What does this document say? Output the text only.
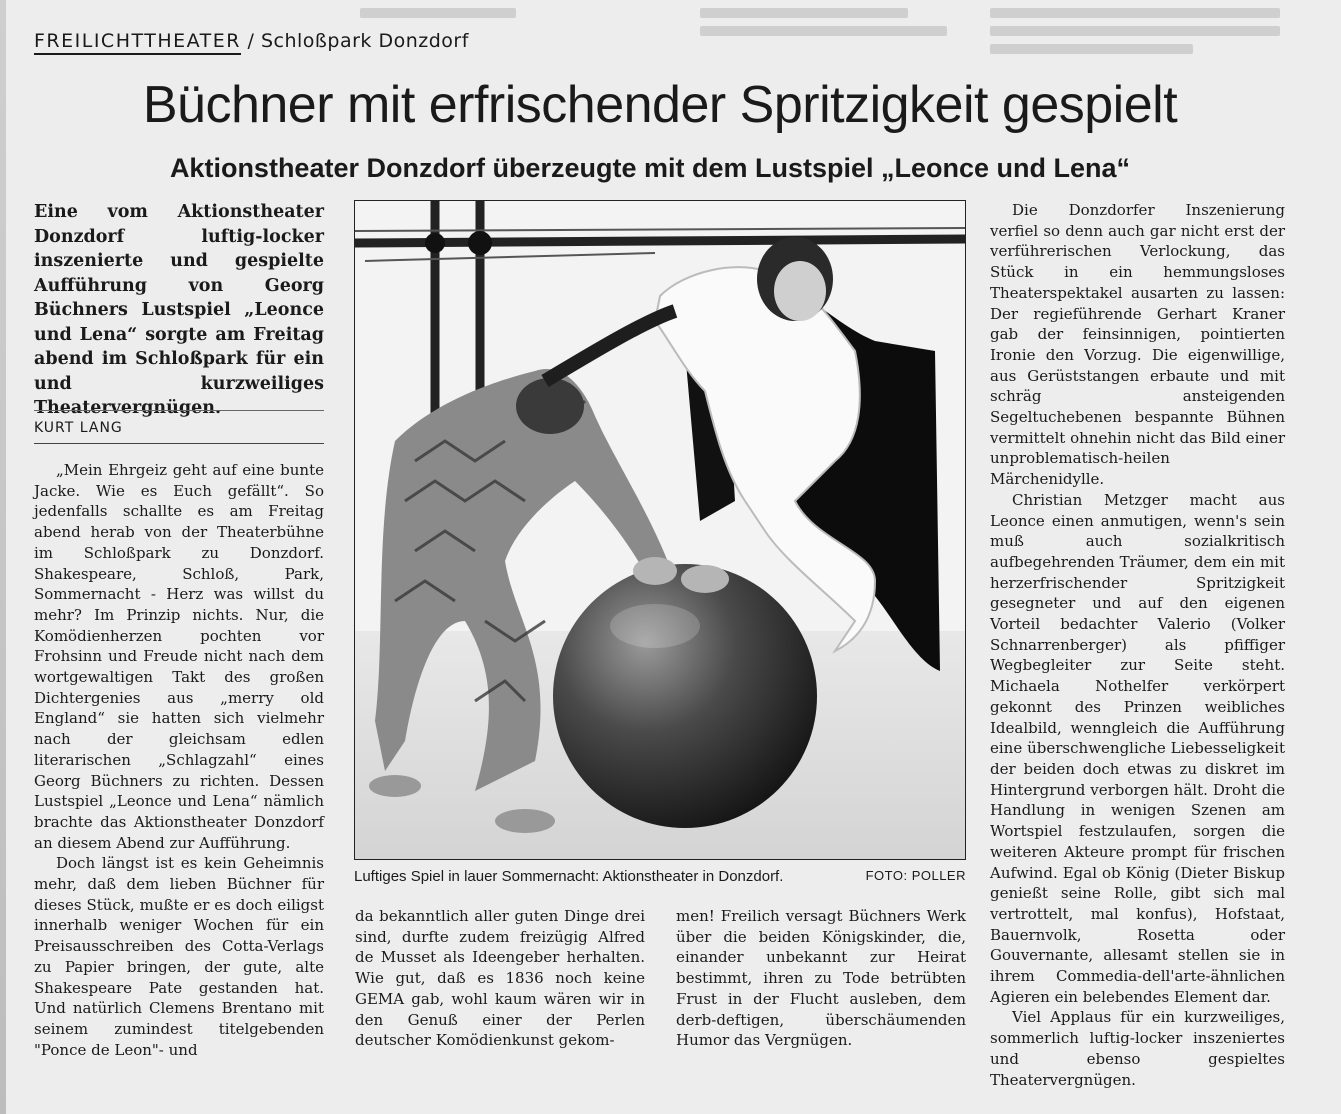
FREILICHTTHEATER / Schloßpark Donzdorf
Büchner mit erfrischender Spritzigkeit gespielt
Aktionstheater Donzdorf überzeugte mit dem Lustspiel „Leonce und Lena“

Eine vom Aktionstheater Donzdorf luftig-locker inszenierte und gespielte Aufführung von Georg Büchners Lustspiel „Leonce und Lena“ sorgte am Freitag abend im Schloßpark für ein und kurzweiliges Theatervergnügen.

KURT LANG

„Mein Ehrgeiz geht auf eine bunte Jacke. Wie es Euch gefällt“. So jedenfalls schallte es am Freitag abend herab von der Theaterbühne im Schloßpark zu Donzdorf. Shakespeare, Schloß, Park, Sommernacht - Herz was willst du mehr? Im Prinzip nichts. Nur, die Komödienherzen pochten vor Frohsinn und Freude nicht nach dem wortgewaltigen Takt des großen Dichtergenies aus „merry old England“ sie hatten sich vielmehr nach der gleichsam edlen literarischen „Schlagzahl“ eines Georg Büchners zu richten. Dessen Lustspiel „Leonce und Lena“ nämlich brachte das Aktionstheater Donzdorf an diesem Abend zur Aufführung.

Doch längst ist es kein Geheimnis mehr, daß dem lieben Büchner für dieses Stück, mußte er es doch eiligst innerhalb weniger Wochen für ein Preisausschreiben des Cotta-Verlags zu Papier bringen, der gute, alte Shakespeare Pate gestanden hat. Und natürlich Clemens Brentano mit seinem zumindest titelgebenden "Ponce de Leon"- und

Luftiges Spiel in lauer Sommernacht: Aktionstheater in Donzdorf.	FOTO: POLLER

da bekanntlich aller guten Dinge drei sind, durfte zudem freizügig Alfred de Musset als Ideengeber herhalten. Wie gut, daß es 1836 noch keine GEMA gab, wohl kaum wären wir in den Genuß einer der Perlen deutscher Komödienkunst gekom-

men! Freilich versagt Büchners Werk über die beiden Königskinder, die, einander unbekannt zur Heirat bestimmt, ihren zu Tode betrübten Frust in der Flucht ausleben, dem derb-deftigen, überschäumenden Humor das Vergnügen.

Die Donzdorfer Inszenierung verfiel so denn auch gar nicht erst der verführerischen Verlockung, das Stück in ein hemmungsloses Theaterspektakel ausarten zu lassen: Der regieführende Gerhart Kraner gab der feinsinnigen, pointierten Ironie den Vorzug. Die eigenwillige, aus Gerüststangen erbaute und mit schräg ansteigenden Segeltuchebenen bespannte Bühnen vermittelt ohnehin nicht das Bild einer unproblematisch-heilen Märchenidylle.

Christian Metzger macht aus Leonce einen anmutigen, wenn's sein muß auch sozialkritisch aufbegehrenden Träumer, dem ein mit herzerfrischender Spritzigkeit gesegneter und auf den eigenen Vorteil bedachter Valerio (Volker Schnarrenberger) als pfiffiger Wegbegleiter zur Seite steht. Michaela Nothelfer verkörpert gekonnt des Prinzen weibliches Idealbild, wenngleich die Aufführung eine überschwengliche Liebesseligkeit der beiden doch etwas zu diskret im Hintergrund verborgen hält. Droht die Handlung in wenigen Szenen am Wortspiel festzulaufen, sorgen die weiteren Akteure prompt für frischen Aufwind. Egal ob König (Dieter Biskup genießt seine Rolle, gibt sich mal vertrottelt, mal konfus), Hofstaat, Bauernvolk, Rosetta oder Gouvernante, allesamt stellen sie in ihrem Commedia-dell'arte-ähnlichen Agieren ein belebendes Element dar.

Viel Applaus für ein kurzweiliges, sommerlich luftig-locker inszeniertes und ebenso gespieltes Theatervergnügen.
